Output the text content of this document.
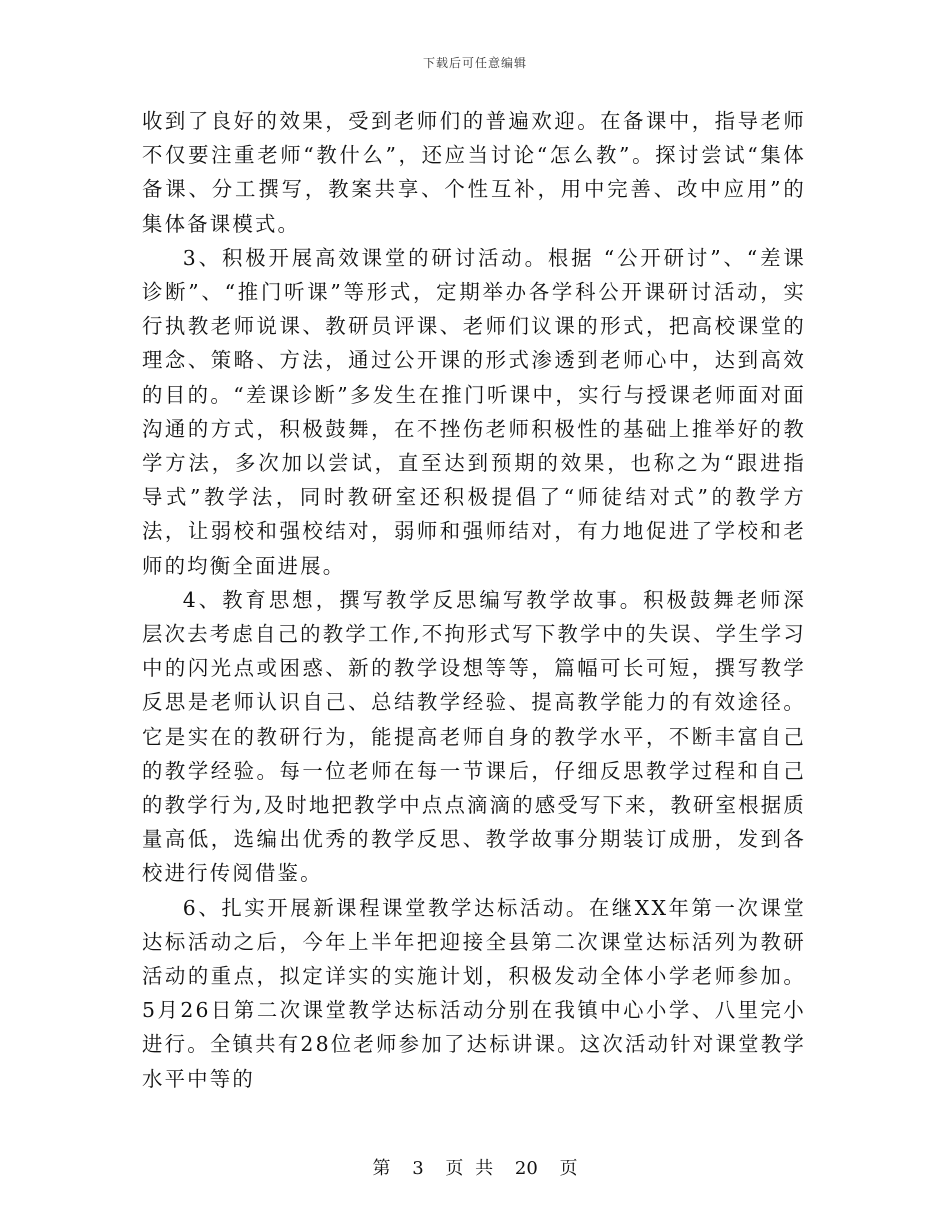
下载后可任意编辑

收到了良好的效果，受到老师们的普遍欢迎。在备课中，指导老师不仅要注重老师“教什么”，还应当讨论“怎么教”。探讨尝试“集体备课、分工撰写，教案共享、个性互补，用中完善、改中应用”的集体备课模式。

3、积极开展高效课堂的研讨活动。根据 “公开研讨”、“差课诊断”、“推门听课”等形式，定期举办各学科公开课研讨活动，实行执教老师说课、教研员评课、老师们议课的形式，把高校课堂的理念、策略、方法，通过公开课的形式渗透到老师心中，达到高效的目的。“差课诊断”多发生在推门听课中，实行与授课老师面对面沟通的方式，积极鼓舞，在不挫伤老师积极性的基础上推举好的教学方法，多次加以尝试，直至达到预期的效果，也称之为“跟进指导式”教学法，同时教研室还积极提倡了“师徒结对式”的教学方法，让弱校和强校结对，弱师和强师结对，有力地促进了学校和老师的均衡全面进展。

4、教育思想，撰写教学反思编写教学故事。积极鼓舞老师深层次去考虑自己的教学工作,不拘形式写下教学中的失误、学生学习中的闪光点或困惑、新的教学设想等等，篇幅可长可短，撰写教学反思是老师认识自己、总结教学经验、提高教学能力的有效途径。它是实在的教研行为，能提高老师自身的教学水平，不断丰富自己的教学经验。每一位老师在每一节课后，仔细反思教学过程和自己的教学行为,及时地把教学中点点滴滴的感受写下来，教研室根据质量高低，选编出优秀的教学反思、教学故事分期装订成册，发到各校进行传阅借鉴。

6、扎实开展新课程课堂教学达标活动。在继XX年第一次课堂达标活动之后，今年上半年把迎接全县第二次课堂达标活列为教研活动的重点，拟定详实的实施计划，积极发动全体小学老师参加。5月26日第二次课堂教学达标活动分别在我镇中心小学、八里完小进行。全镇共有28位老师参加了达标讲课。这次活动针对课堂教学水平中等的

第 3 页 共 20 页
